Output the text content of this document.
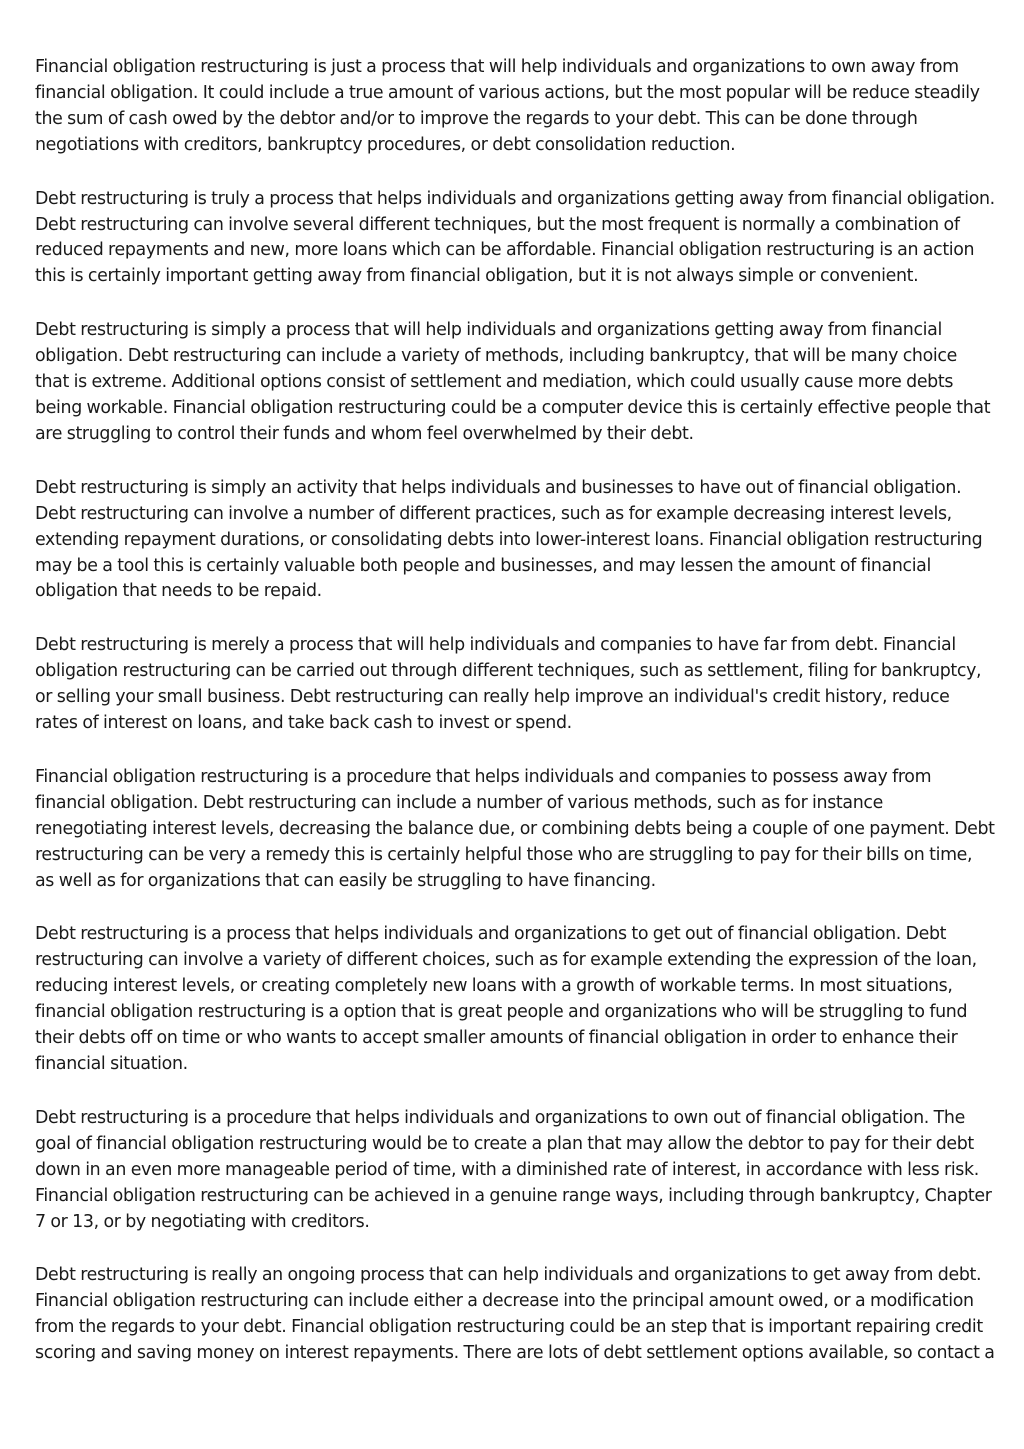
Financial obligation restructuring is just a process that will help individuals and organizations to own away from financial obligation. It could include a true amount of various actions, but the most popular will be reduce steadily the sum of cash owed by the debtor and/or to improve the regards to your debt. This can be done through negotiations with creditors, bankruptcy procedures, or debt consolidation reduction.

Debt restructuring is truly a process that helps individuals and organizations getting away from financial obligation. Debt restructuring can involve several different techniques, but the most frequent is normally a combination of reduced repayments and new, more loans which can be affordable. Financial obligation restructuring is an action this is certainly important getting away from financial obligation, but it is not always simple or convenient.

Debt restructuring is simply a process that will help individuals and organizations getting away from financial obligation. Debt restructuring can include a variety of methods, including bankruptcy, that will be many choice that is extreme. Additional options consist of settlement and mediation, which could usually cause more debts being workable. Financial obligation restructuring could be a computer device this is certainly effective people that are struggling to control their funds and whom feel overwhelmed by their debt.

Debt restructuring is simply an activity that helps individuals and businesses to have out of financial obligation. Debt restructuring can involve a number of different practices, such as for example decreasing interest levels, extending repayment durations, or consolidating debts into lower-interest loans. Financial obligation restructuring may be a tool this is certainly valuable both people and businesses, and may lessen the amount of financial obligation that needs to be repaid.

Debt restructuring is merely a process that will help individuals and companies to have far from debt. Financial obligation restructuring can be carried out through different techniques, such as settlement, filing for bankruptcy, or selling your small business. Debt restructuring can really help improve an individual's credit history, reduce rates of interest on loans, and take back cash to invest or spend.

Financial obligation restructuring is a procedure that helps individuals and companies to possess away from financial obligation. Debt restructuring can include a number of various methods, such as for instance renegotiating interest levels, decreasing the balance due, or combining debts being a couple of one payment. Debt restructuring can be very a remedy this is certainly helpful those who are struggling to pay for their bills on time, as well as for organizations that can easily be struggling to have financing.

Debt restructuring is a process that helps individuals and organizations to get out of financial obligation. Debt restructuring can involve a variety of different choices, such as for example extending the expression of the loan, reducing interest levels, or creating completely new loans with a growth of workable terms. In most situations, financial obligation restructuring is a option that is great people and organizations who will be struggling to fund their debts off on time or who wants to accept smaller amounts of financial obligation in order to enhance their financial situation.

Debt restructuring is a procedure that helps individuals and organizations to own out of financial obligation. The goal of financial obligation restructuring would be to create a plan that may allow the debtor to pay for their debt down in an even more manageable period of time, with a diminished rate of interest, in accordance with less risk. Financial obligation restructuring can be achieved in a genuine range ways, including through bankruptcy, Chapter 7 or 13, or by negotiating with creditors.

Debt restructuring is really an ongoing process that can help individuals and organizations to get away from debt. Financial obligation restructuring can include either a decrease into the principal amount owed, or a modification from the regards to your debt. Financial obligation restructuring could be an step that is important repairing credit scoring and saving money on interest repayments. There are lots of debt settlement options available, so contact a
